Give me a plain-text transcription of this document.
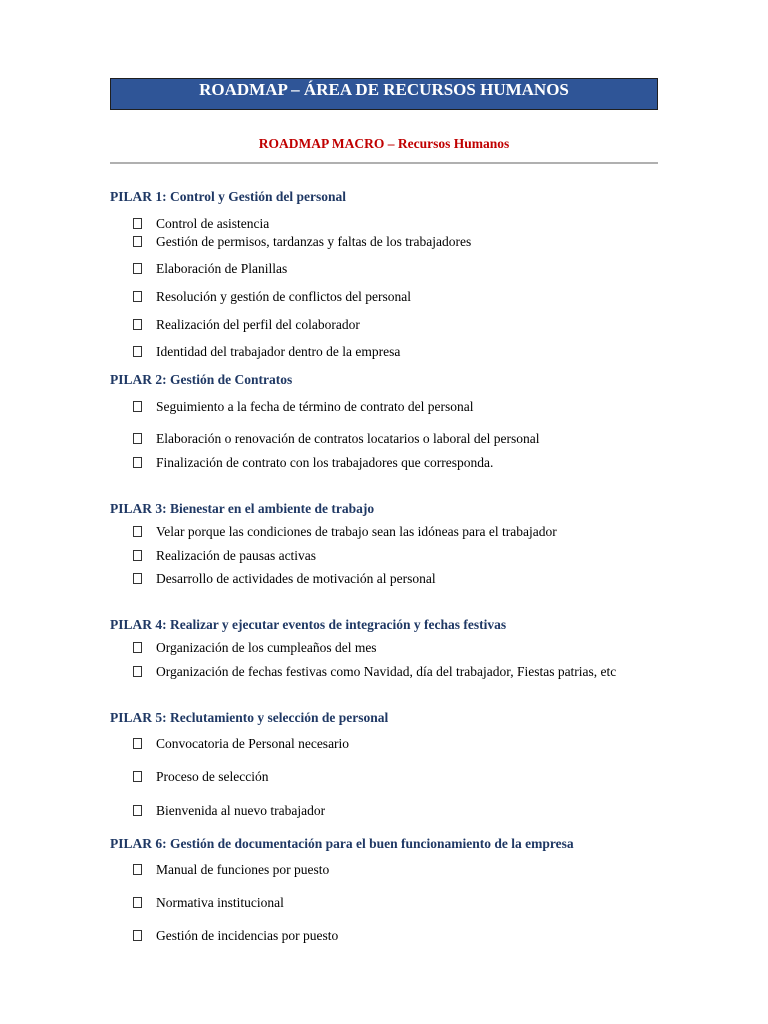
ROADMAP – ÁREA DE RECURSOS HUMANOS
ROADMAP MACRO – Recursos Humanos
PILAR 1: Control y Gestión del personal
Control de asistencia
Gestión de permisos, tardanzas y faltas de los trabajadores
Elaboración de Planillas
Resolución y gestión de conflictos del personal
Realización del perfil del colaborador
Identidad del trabajador dentro de la empresa
PILAR 2: Gestión de Contratos
Seguimiento a la fecha de término de contrato del personal
Elaboración o renovación de contratos locatarios o laboral del personal
Finalización de contrato con los trabajadores que corresponda.
PILAR 3: Bienestar en el ambiente de trabajo
Velar porque las condiciones de trabajo sean las idóneas para el trabajador
Realización de pausas activas
Desarrollo de actividades de motivación al personal
PILAR 4: Realizar y ejecutar eventos de integración y fechas festivas
Organización de los cumpleaños del mes
Organización de fechas festivas como Navidad, día del trabajador, Fiestas patrias, etc
PILAR 5: Reclutamiento y selección de personal
Convocatoria de Personal necesario
Proceso de selección
Bienvenida al nuevo trabajador
PILAR 6: Gestión de documentación para el buen funcionamiento de la empresa
Manual de funciones por puesto
Normativa institucional
Gestión de incidencias por puesto
